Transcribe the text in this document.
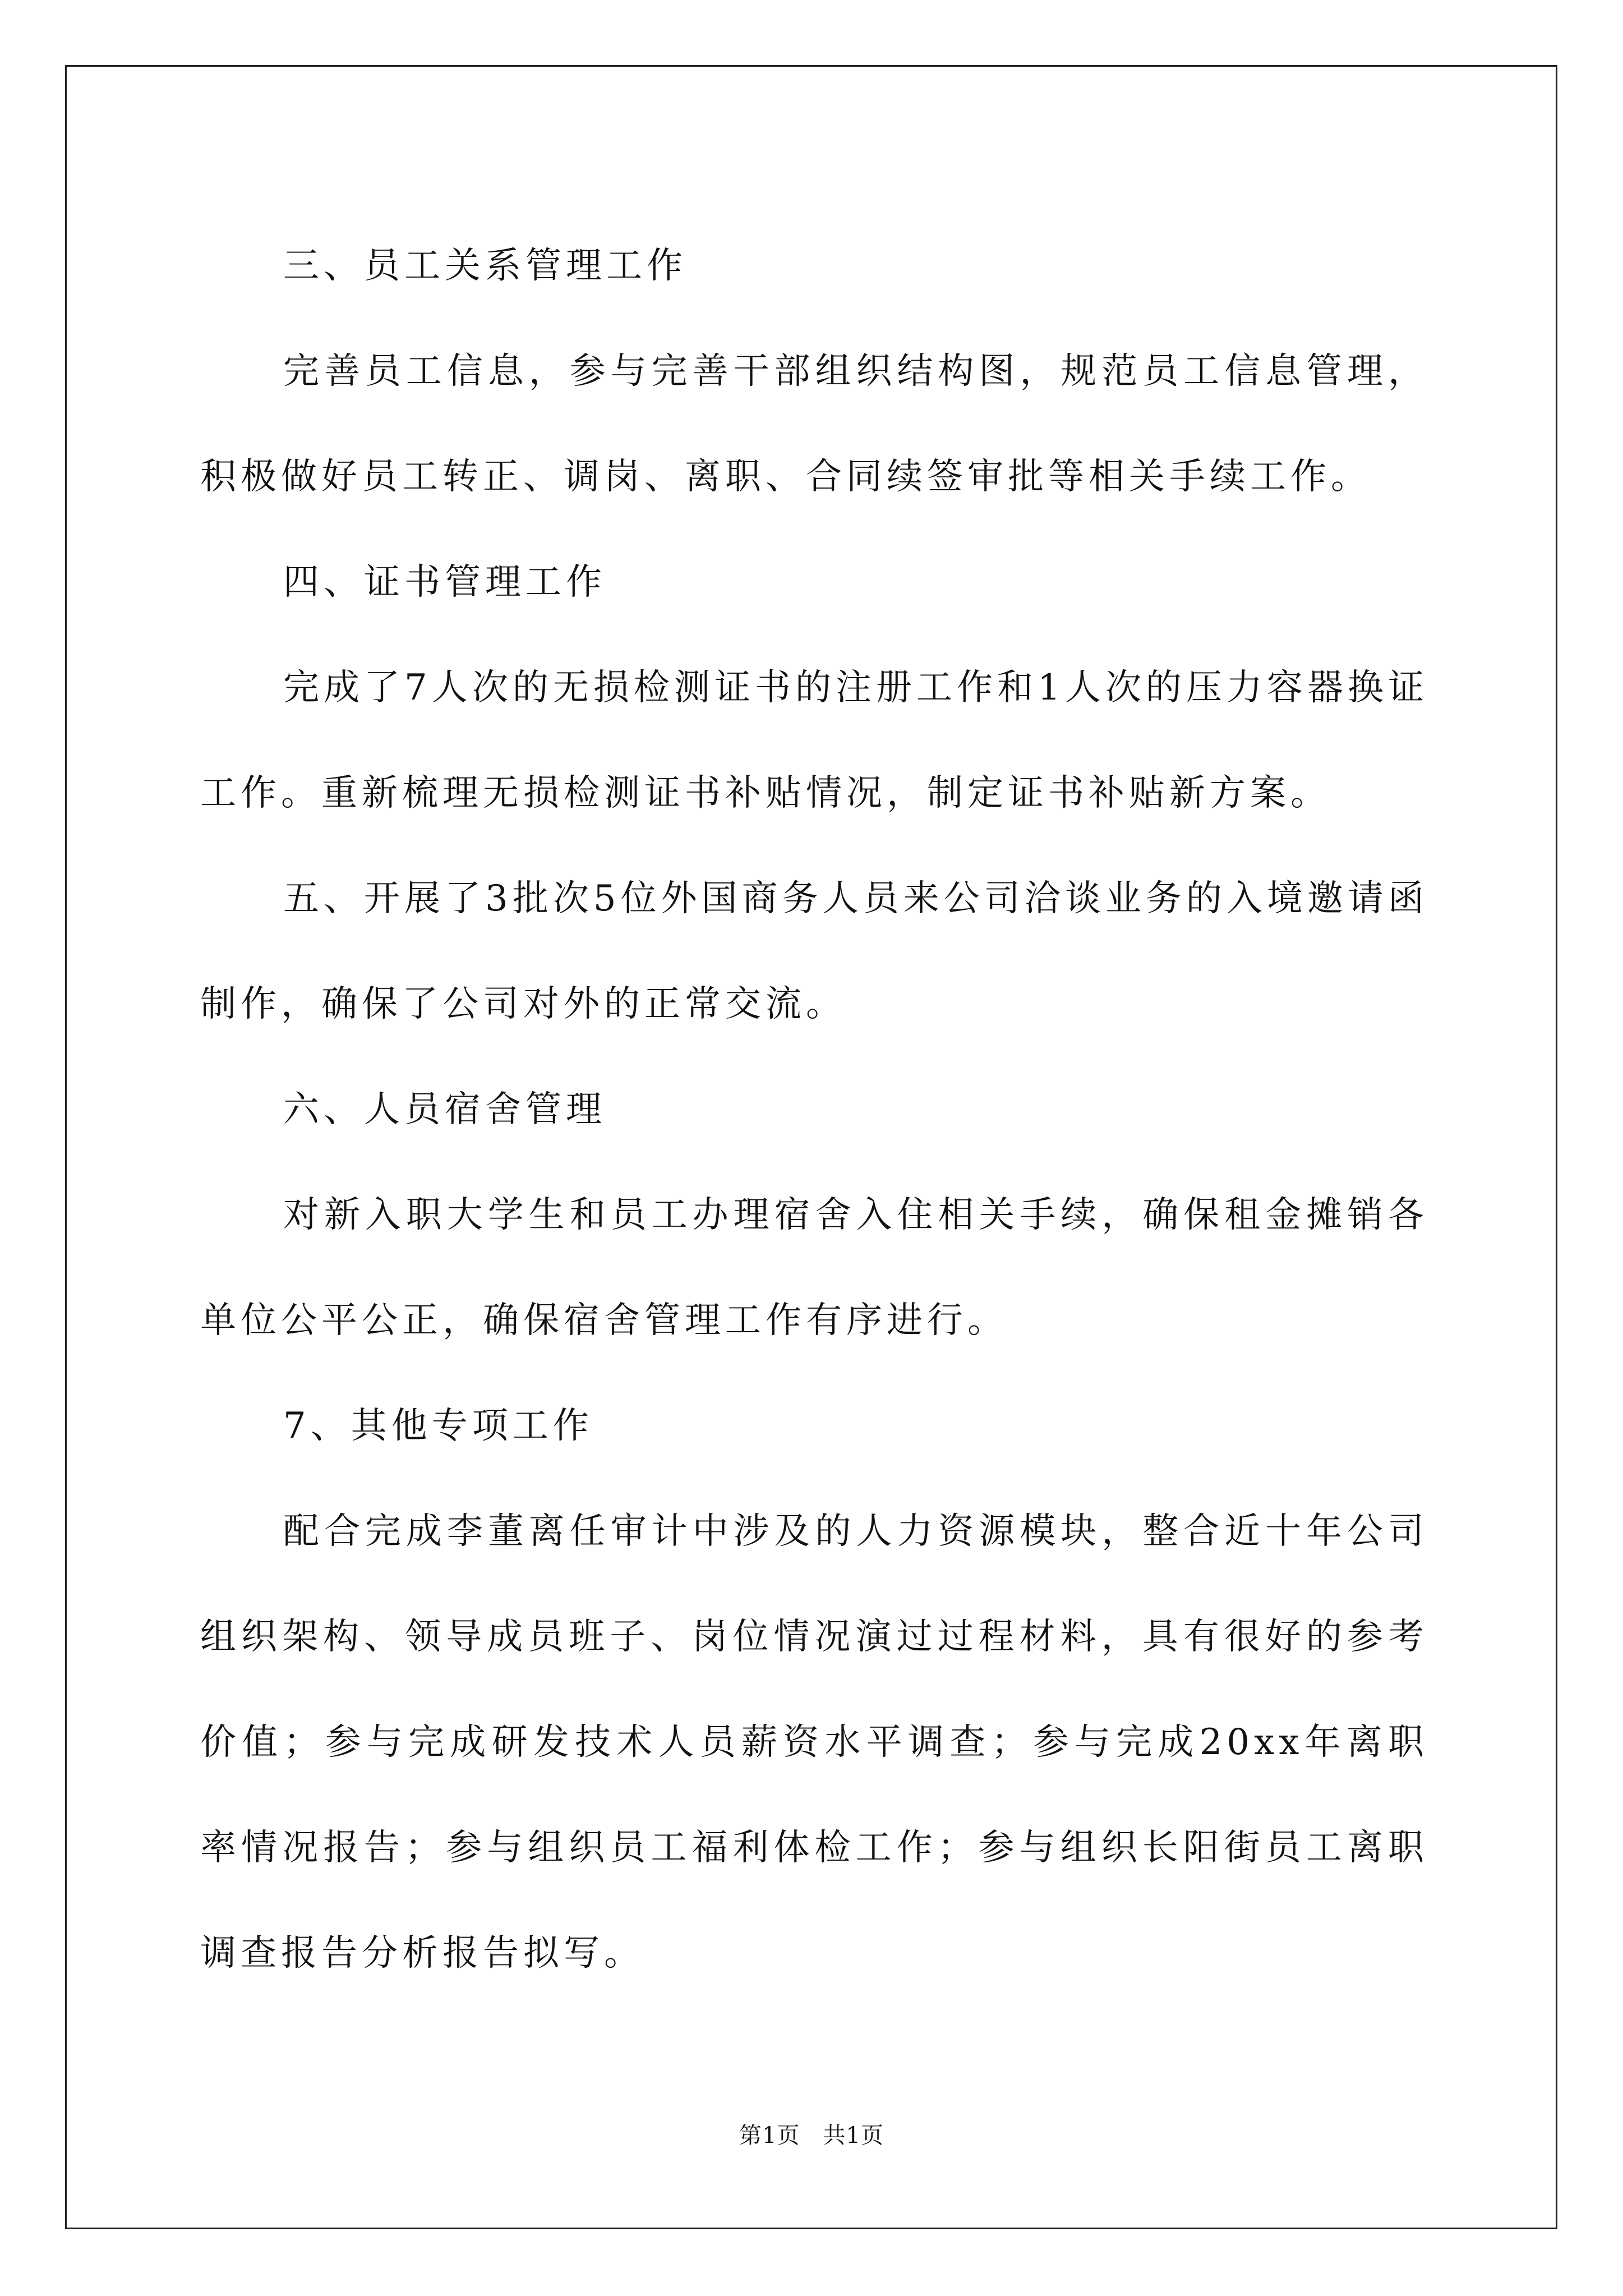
三、员工关系管理工作

完善员工信息，参与完善干部组织结构图，规范员工信息管理，积极做好员工转正、调岗、离职、合同续签审批等相关手续工作。

四、证书管理工作

完成了7人次的无损检测证书的注册工作和1人次的压力容器换证工作。重新梳理无损检测证书补贴情况，制定证书补贴新方案。

五、开展了3批次5位外国商务人员来公司洽谈业务的入境邀请函制作，确保了公司对外的正常交流。

六、人员宿舍管理

对新入职大学生和员工办理宿舍入住相关手续，确保租金摊销各单位公平公正，确保宿舍管理工作有序进行。

7、其他专项工作

配合完成李董离任审计中涉及的人力资源模块，整合近十年公司组织架构、领导成员班子、岗位情况演过过程材料，具有很好的参考价值；参与完成研发技术人员薪资水平调查；参与完成20xx年离职率情况报告；参与组织员工福利体检工作；参与组织长阳街员工离职调查报告分析报告拟写。

第1页　共1页
